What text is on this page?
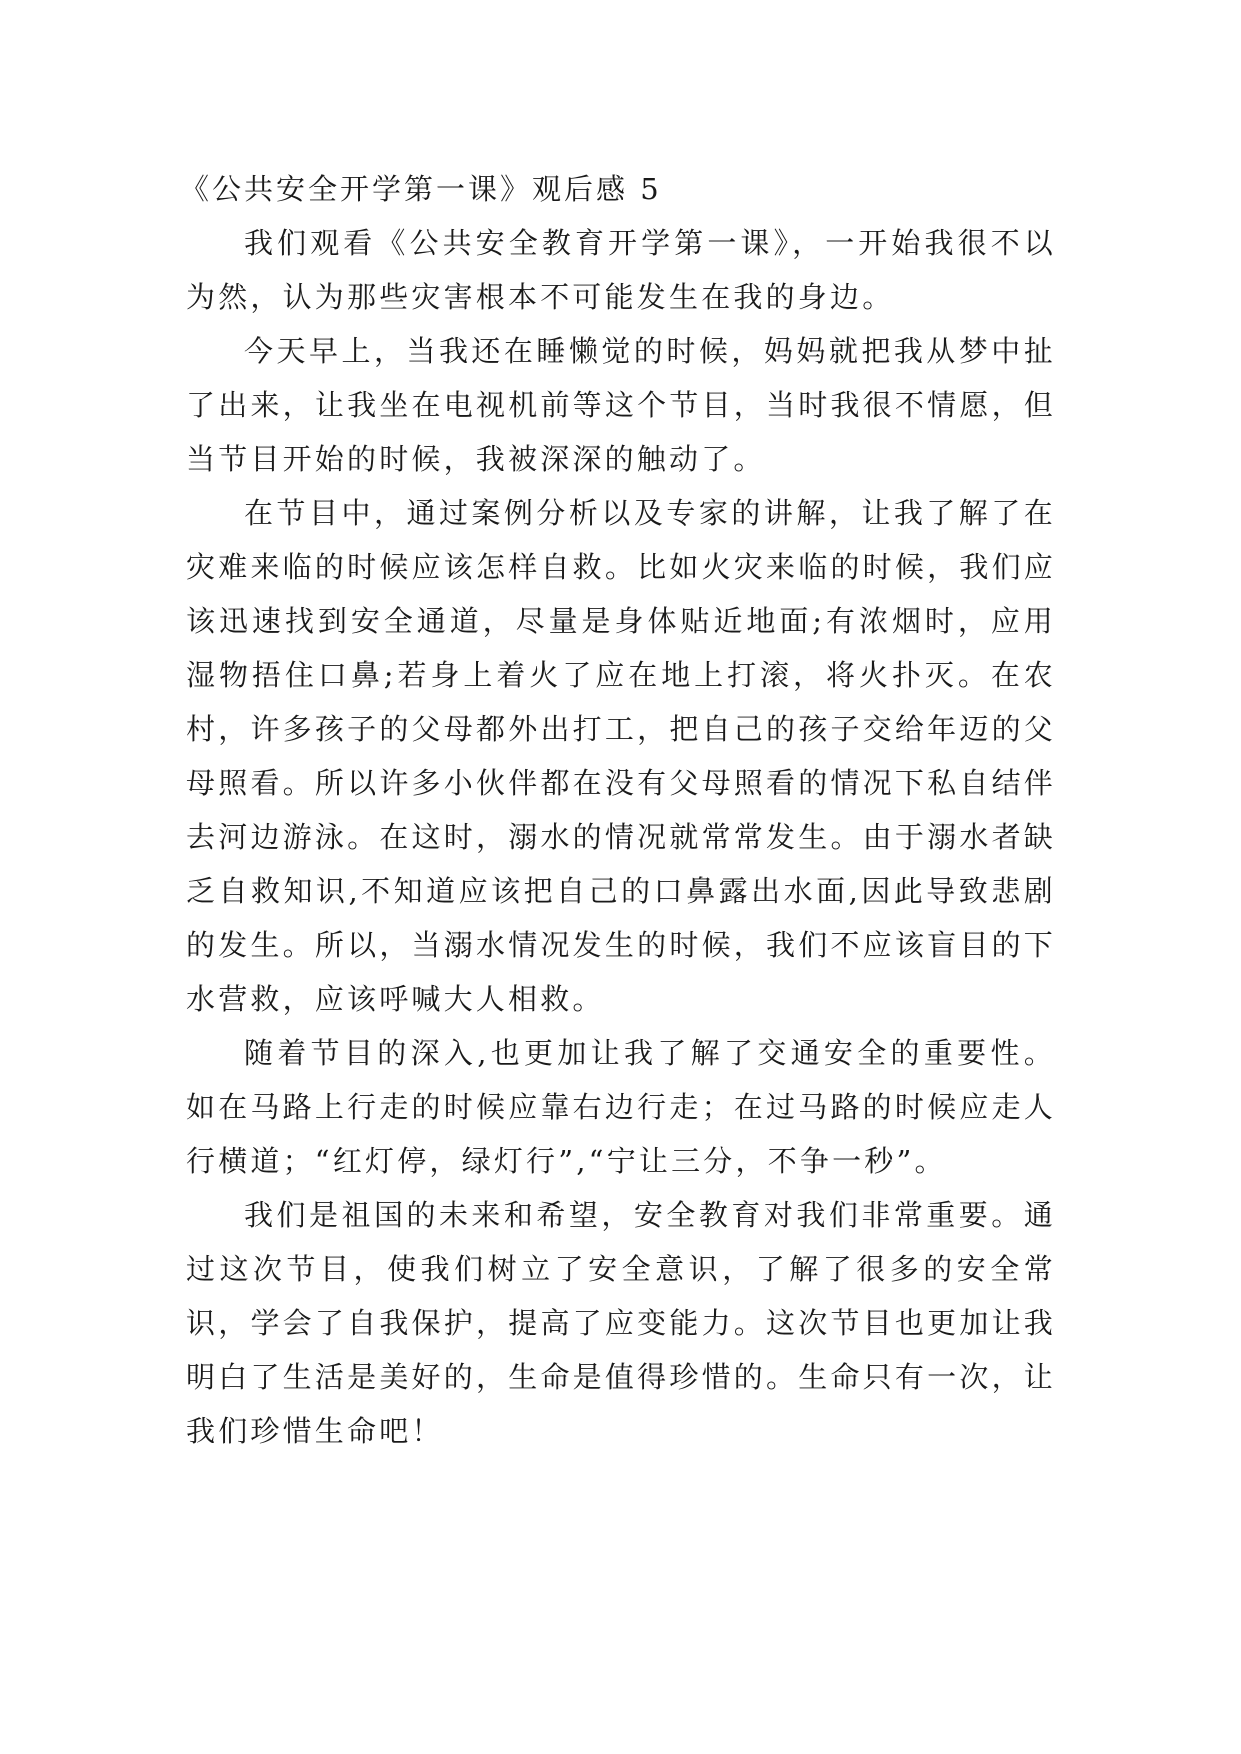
《公共安全开学第一课》观后感 5

我们观看《公共安全教育开学第一课》，一开始我很不以为然，认为那些灾害根本不可能发生在我的身边。

今天早上，当我还在睡懒觉的时候，妈妈就把我从梦中扯了出来，让我坐在电视机前等这个节目，当时我很不情愿，但当节目开始的时候，我被深深的触动了。

在节目中，通过案例分析以及专家的讲解，让我了解了在灾难来临的时候应该怎样自救。比如火灾来临的时候，我们应该迅速找到安全通道，尽量是身体贴近地面;有浓烟时，应用湿物捂住口鼻;若身上着火了应在地上打滚，将火扑灭。在农村，许多孩子的父母都外出打工，把自己的孩子交给年迈的父母照看。所以许多小伙伴都在没有父母照看的情况下私自结伴去河边游泳。在这时，溺水的情况就常常发生。由于溺水者缺乏自救知识,不知道应该把自己的口鼻露出水面,因此导致悲剧的发生。所以，当溺水情况发生的时候，我们不应该盲目的下水营救，应该呼喊大人相救。

随着节目的深入,也更加让我了解了交通安全的重要性。如在马路上行走的时候应靠右边行走；在过马路的时候应走人行横道；“红灯停，绿灯行”,“宁让三分，不争一秒”。

我们是祖国的未来和希望，安全教育对我们非常重要。通过这次节目，使我们树立了安全意识，了解了很多的安全常识，学会了自我保护，提高了应变能力。这次节目也更加让我明白了生活是美好的，生命是值得珍惜的。生命只有一次，让我们珍惜生命吧！
